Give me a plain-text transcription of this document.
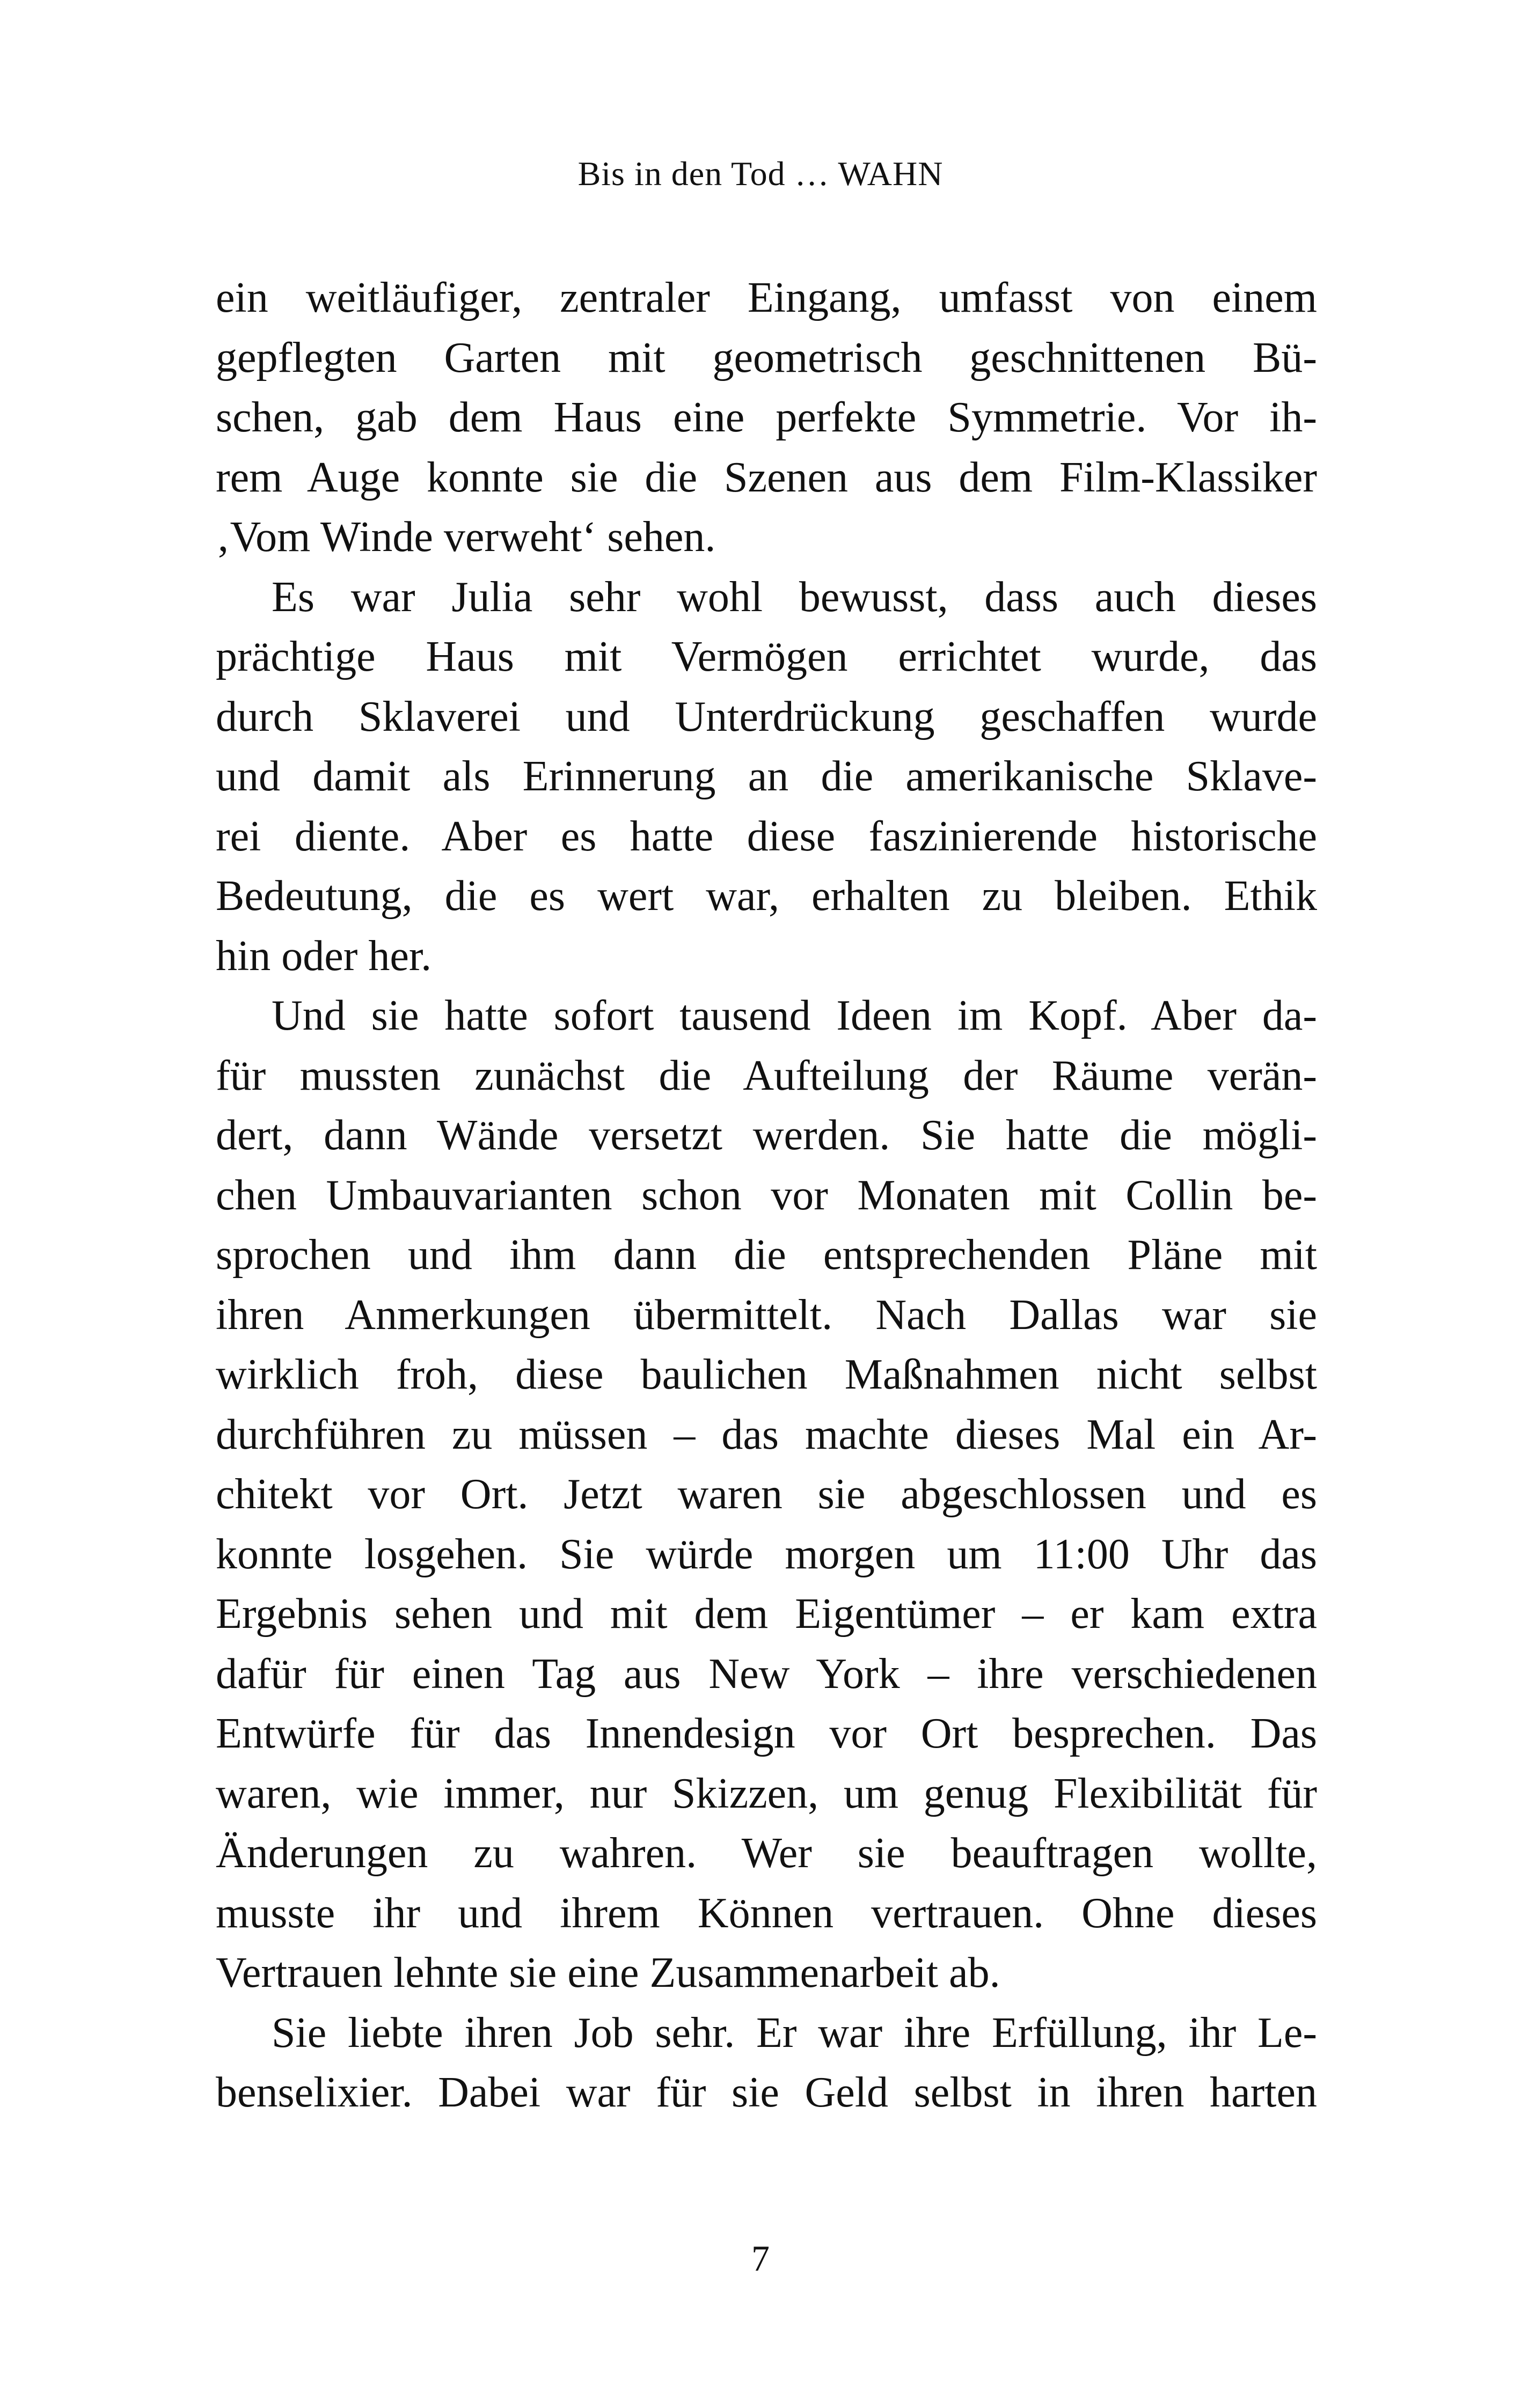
Bis in den Tod … WAHN
ein weitläufiger, zentraler Eingang, umfasst von einem
gepflegten Garten mit geometrisch geschnittenen Bü-
schen, gab dem Haus eine perfekte Symmetrie. Vor ih-
rem Auge konnte sie die Szenen aus dem Film-Klassiker
‚Vom Winde verweht‘ sehen.
Es war Julia sehr wohl bewusst, dass auch dieses
prächtige Haus mit Vermögen errichtet wurde, das
durch Sklaverei und Unterdrückung geschaffen wurde
und damit als Erinnerung an die amerikanische Sklave-
rei diente. Aber es hatte diese faszinierende historische
Bedeutung, die es wert war, erhalten zu bleiben. Ethik
hin oder her.
Und sie hatte sofort tausend Ideen im Kopf. Aber da-
für mussten zunächst die Aufteilung der Räume verän-
dert, dann Wände versetzt werden. Sie hatte die mögli-
chen Umbauvarianten schon vor Monaten mit Collin be-
sprochen und ihm dann die entsprechenden Pläne mit
ihren Anmerkungen übermittelt. Nach Dallas war sie
wirklich froh, diese baulichen Maßnahmen nicht selbst
durchführen zu müssen – das machte dieses Mal ein Ar-
chitekt vor Ort. Jetzt waren sie abgeschlossen und es
konnte losgehen. Sie würde morgen um 11:00 Uhr das
Ergebnis sehen und mit dem Eigentümer – er kam extra
dafür für einen Tag aus New York – ihre verschiedenen
Entwürfe für das Innendesign vor Ort besprechen. Das
waren, wie immer, nur Skizzen, um genug Flexibilität für
Änderungen zu wahren. Wer sie beauftragen wollte,
musste ihr und ihrem Können vertrauen. Ohne dieses
Vertrauen lehnte sie eine Zusammenarbeit ab.
Sie liebte ihren Job sehr. Er war ihre Erfüllung, ihr Le-
benselixier. Dabei war für sie Geld selbst in ihren harten
7
